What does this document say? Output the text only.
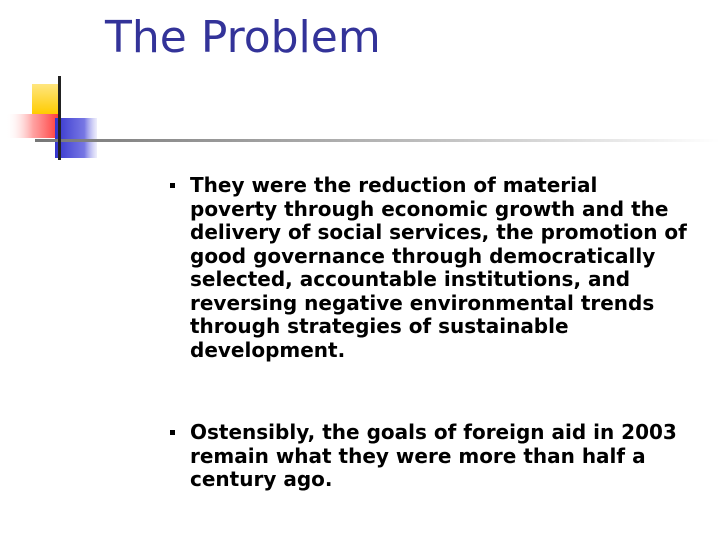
The Problem
They were the reduction of material poverty through economic growth and the delivery of social services, the promotion of good governance through democratically selected, accountable institutions, and reversing negative environmental trends through strategies of sustainable development.
Ostensibly, the goals of foreign aid in 2003 remain what they were more than half a century ago.
